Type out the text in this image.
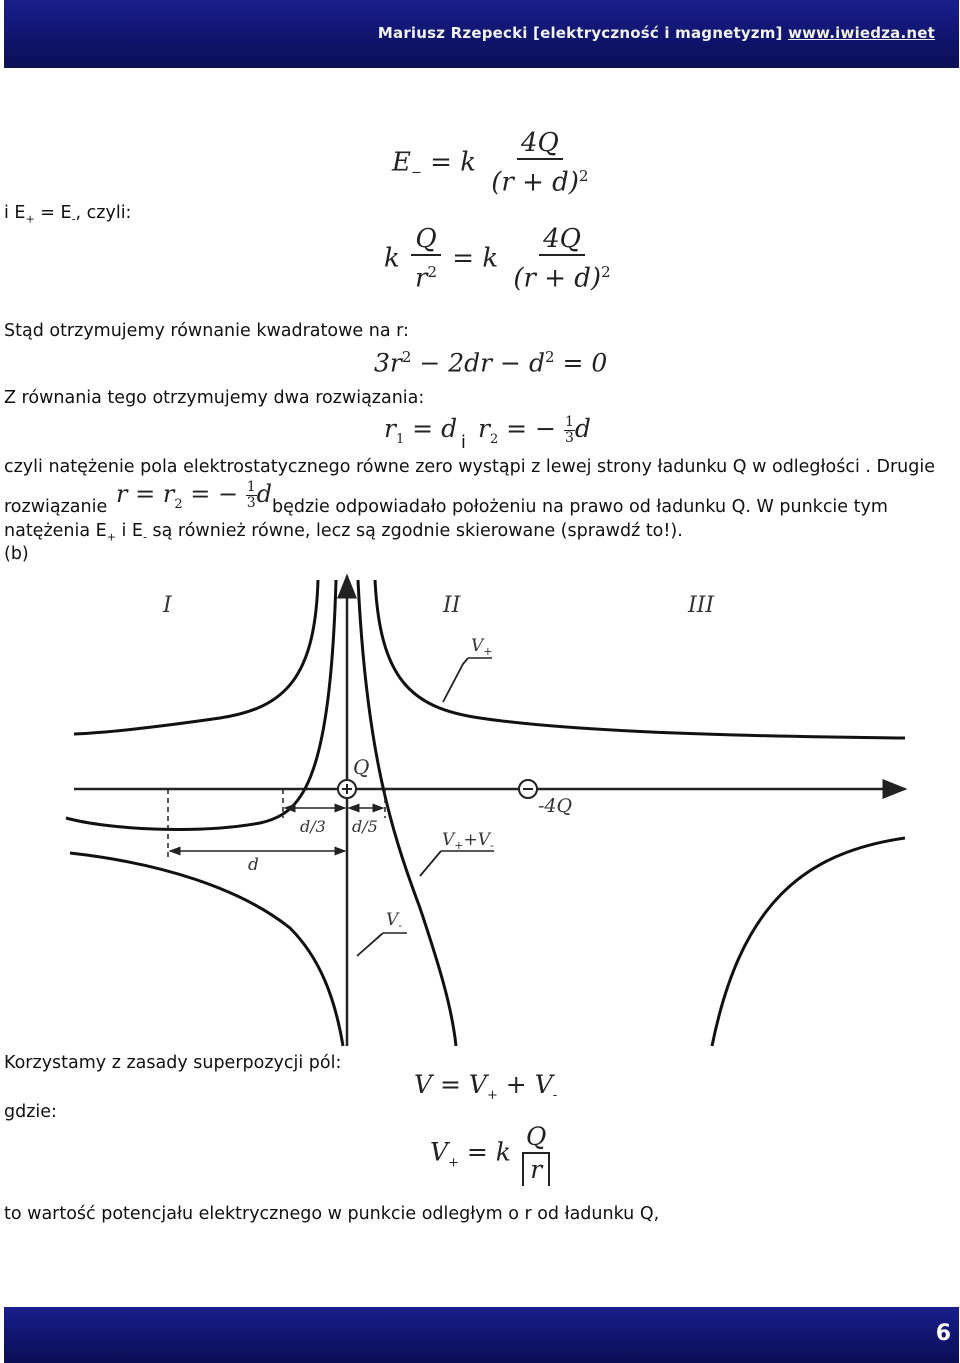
Mariusz Rzepecki [elektryczność i magnetyzm] www.iwiedza.net
$E_- = k \frac{4Q}{(r + d)^2}$
i $E_+ = E_-$, czyli:
k $\frac{Q}{r^2} = k \frac{4Q}{(r + d)^2}$
Stąd otrzymujemy równanie kwadratowe na r:
$3r^2 - 2dr - d^2 = 0$
Z równania tego otrzymujemy dwa rozwiązania:
$r_1 = d$ i $r_2$ = − $\frac{1}{3}$ d
czyli natężenie pola elektrostatycznego równe zero wystąpi z lewej strony ładunku Q w odległości . Drugie
rozwiązanie $r = r_2$ = − $\frac{1}{3}$ d będzie odpowiadało położeniu na prawo od ładunku Q. W punkcie tym
natężenia $E_+$ i $E_-$ są również równe, lecz są zgodnie skierowane (sprawdź to!).
(b)
I	II	III
Q
-4Q
d/3 d/5
d
$V_+$
$V_++V_-$
$V_-$
Korzystamy z zasady superpozycji pól:
$V = V_+ + V_-$
gdzie:
$V_+ = k \frac{Q}{r}$
to wartość potencjału elektrycznego w punkcie odległym o r od ładunku Q,
6
